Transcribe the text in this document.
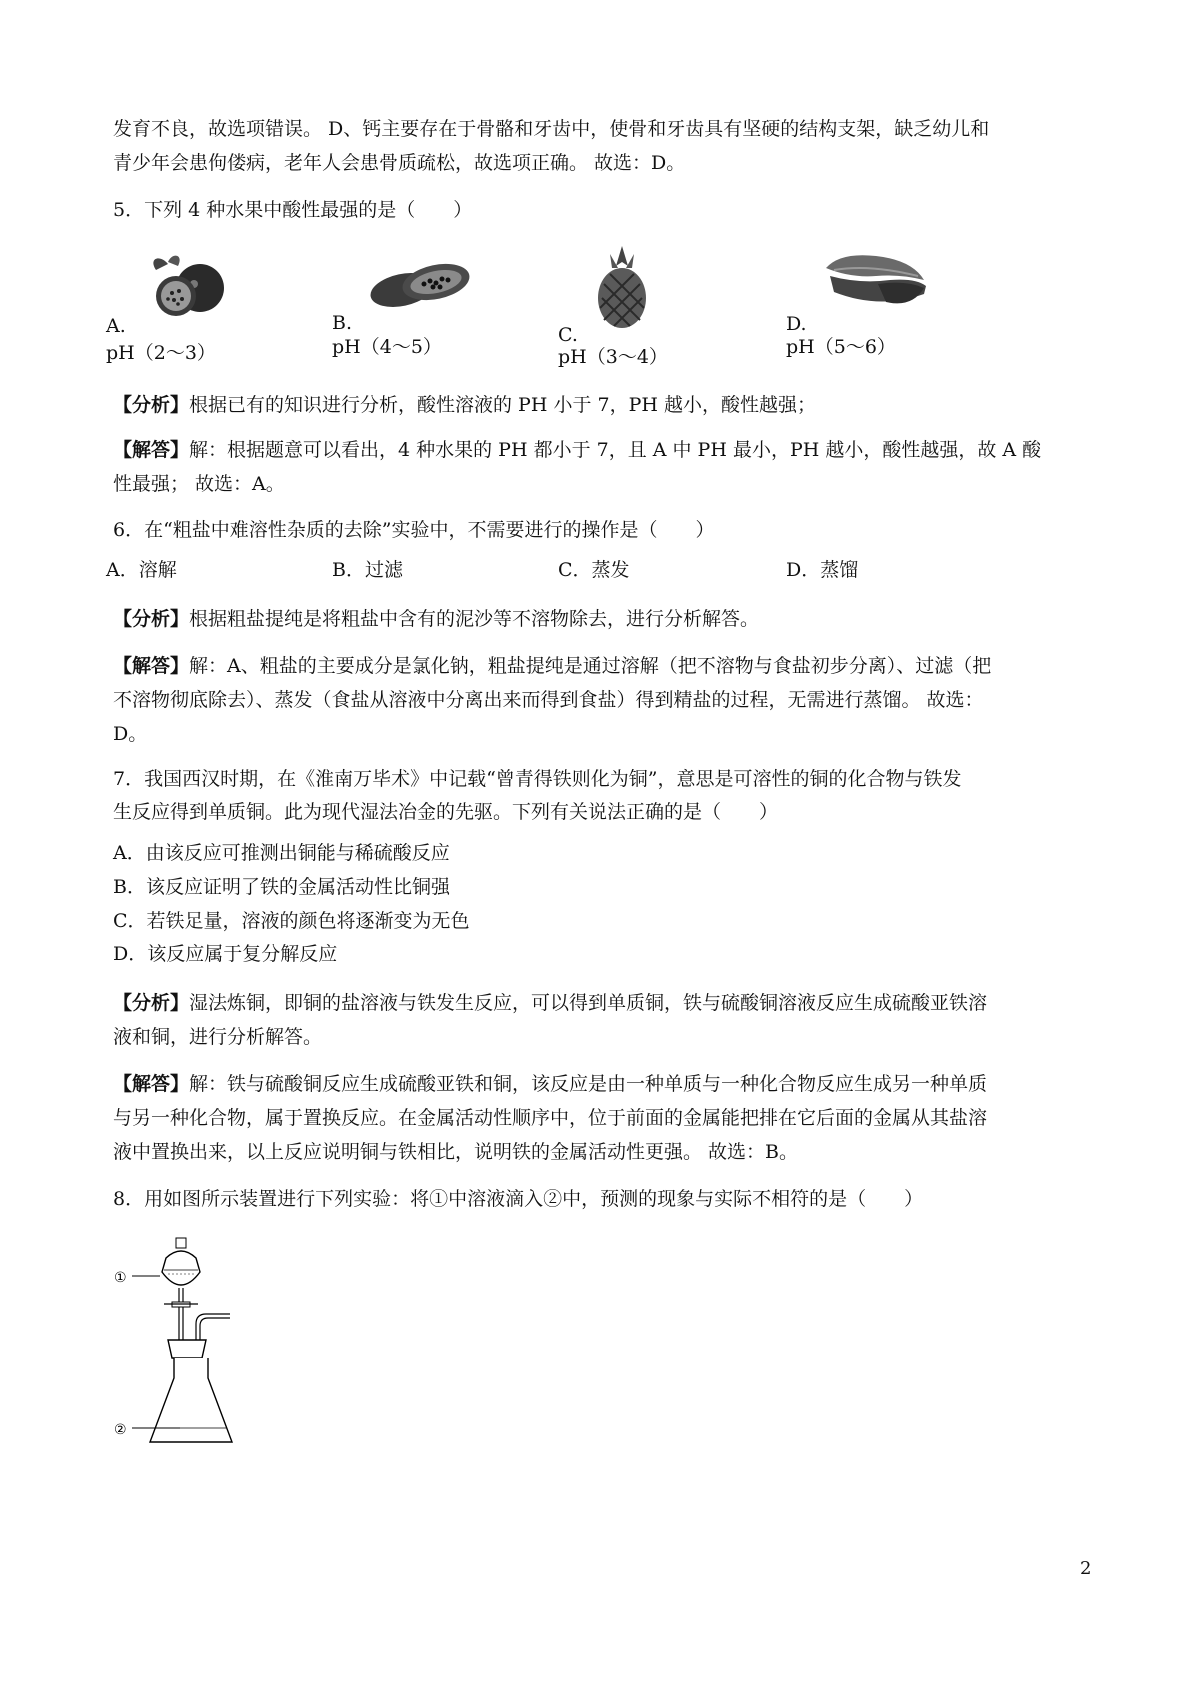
发育不良，故选项错误。 D、钙主要存在于骨骼和牙齿中，使骨和牙齿具有坚硬的结构支架，缺乏幼儿和
青少年会患佝偻病，老年人会患骨质疏松，故选项正确。 故选：D。
5．下列 4 种水果中酸性最强的是（　　）
A.
pH（2～3）
B.
pH（4～5）
C.
pH（3～4）
D.
pH（5～6）
【分析】根据已有的知识进行分析，酸性溶液的 PH 小于 7，PH 越小，酸性越强；
【解答】解：根据题意可以看出，4 种水果的 PH 都小于 7，且 A 中 PH 最小，PH 越小，酸性越强，故 A 酸
性最强； 故选：A。
6．在“粗盐中难溶性杂质的去除”实验中，不需要进行的操作是（　　）
A．溶解	B．过滤	C．蒸发	D．蒸馏
【分析】根据粗盐提纯是将粗盐中含有的泥沙等不溶物除去，进行分析解答。
【解答】解：A、粗盐的主要成分是氯化钠，粗盐提纯是通过溶解（把不溶物与食盐初步分离）、过滤（把
不溶物彻底除去）、蒸发（食盐从溶液中分离出来而得到食盐）得到精盐的过程，无需进行蒸馏。 故选：
D。
7．我国西汉时期，在《淮南万毕术》中记载“曾青得铁则化为铜”，意思是可溶性的铜的化合物与铁发
生反应得到单质铜。此为现代湿法冶金的先驱。下列有关说法正确的是（　　）
A．由该反应可推测出铜能与稀硫酸反应
B．该反应证明了铁的金属活动性比铜强
C．若铁足量，溶液的颜色将逐渐变为无色
D．该反应属于复分解反应
【分析】湿法炼铜，即铜的盐溶液与铁发生反应，可以得到单质铜，铁与硫酸铜溶液反应生成硫酸亚铁溶
液和铜，进行分析解答。
【解答】解：铁与硫酸铜反应生成硫酸亚铁和铜，该反应是由一种单质与一种化合物反应生成另一种单质
与另一种化合物，属于置换反应。在金属活动性顺序中，位于前面的金属能把排在它后面的金属从其盐溶
液中置换出来，以上反应说明铜与铁相比，说明铁的金属活动性更强。 故选：B。
8．用如图所示装置进行下列实验：将①中溶液滴入②中，预测的现象与实际不相符的是（　　）
①
②
2
